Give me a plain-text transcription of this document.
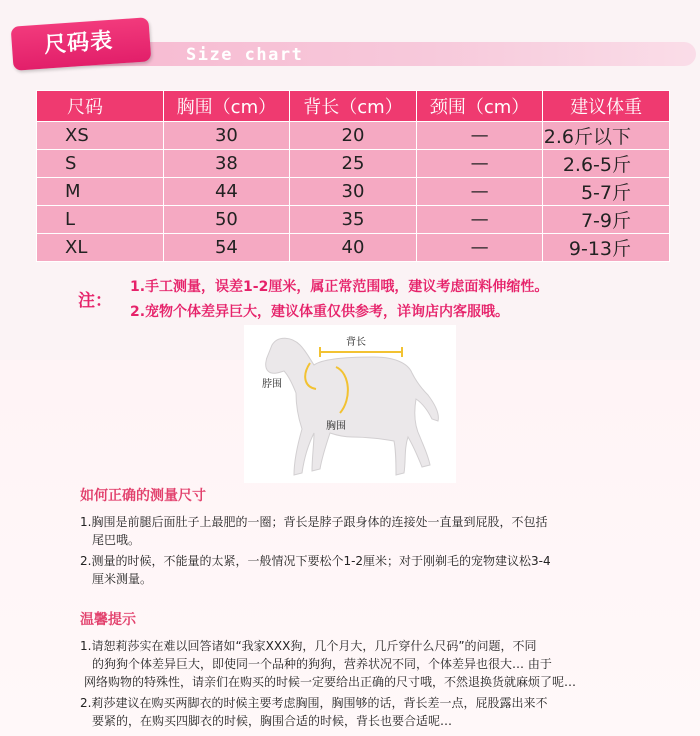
尺码表	Size chart
尺码	胸围（cm）	背长（cm）	颈围（cm）	建议体重
XS	30	20	—	2.6斤以下
S	38	25	—	2.6-5斤
M	44	30	—	5-7斤
L	50	35	—	7-9斤
XL	54	40	—	9-13斤
注：
1.手工测量，误差1-2厘米，属正常范围哦，建议考虑面料伸缩性。
2.宠物个体差异巨大，建议体重仅供参考，详询店内客服哦。
背长
脖围
胸围
如何正确的测量尺寸
1.胸围是前腿后面肚子上最肥的一圈；背长是脖子跟身体的连接处一直量到屁股，不包括
尾巴哦。
2.测量的时候，不能量的太紧，一般情况下要松个1-2厘米；对于刚剃毛的宠物建议松3-4
厘米测量。
温馨提示
1.请恕莉莎实在难以回答诸如“我家XXX狗，几个月大，几斤穿什么尺码”的问题，不同
的狗狗个体差异巨大，即使同一个品种的狗狗，营养状况不同，个体差异也很大… 由于
网络购物的特殊性，请亲们在购买的时候一定要给出正确的尺寸哦，不然退换货就麻烦了呢…
2.莉莎建议在购买两脚衣的时候主要考虑胸围，胸围够的话，背长差一点，屁股露出来不
要紧的，在购买四脚衣的时候，胸围合适的时候，背长也要合适呢…
